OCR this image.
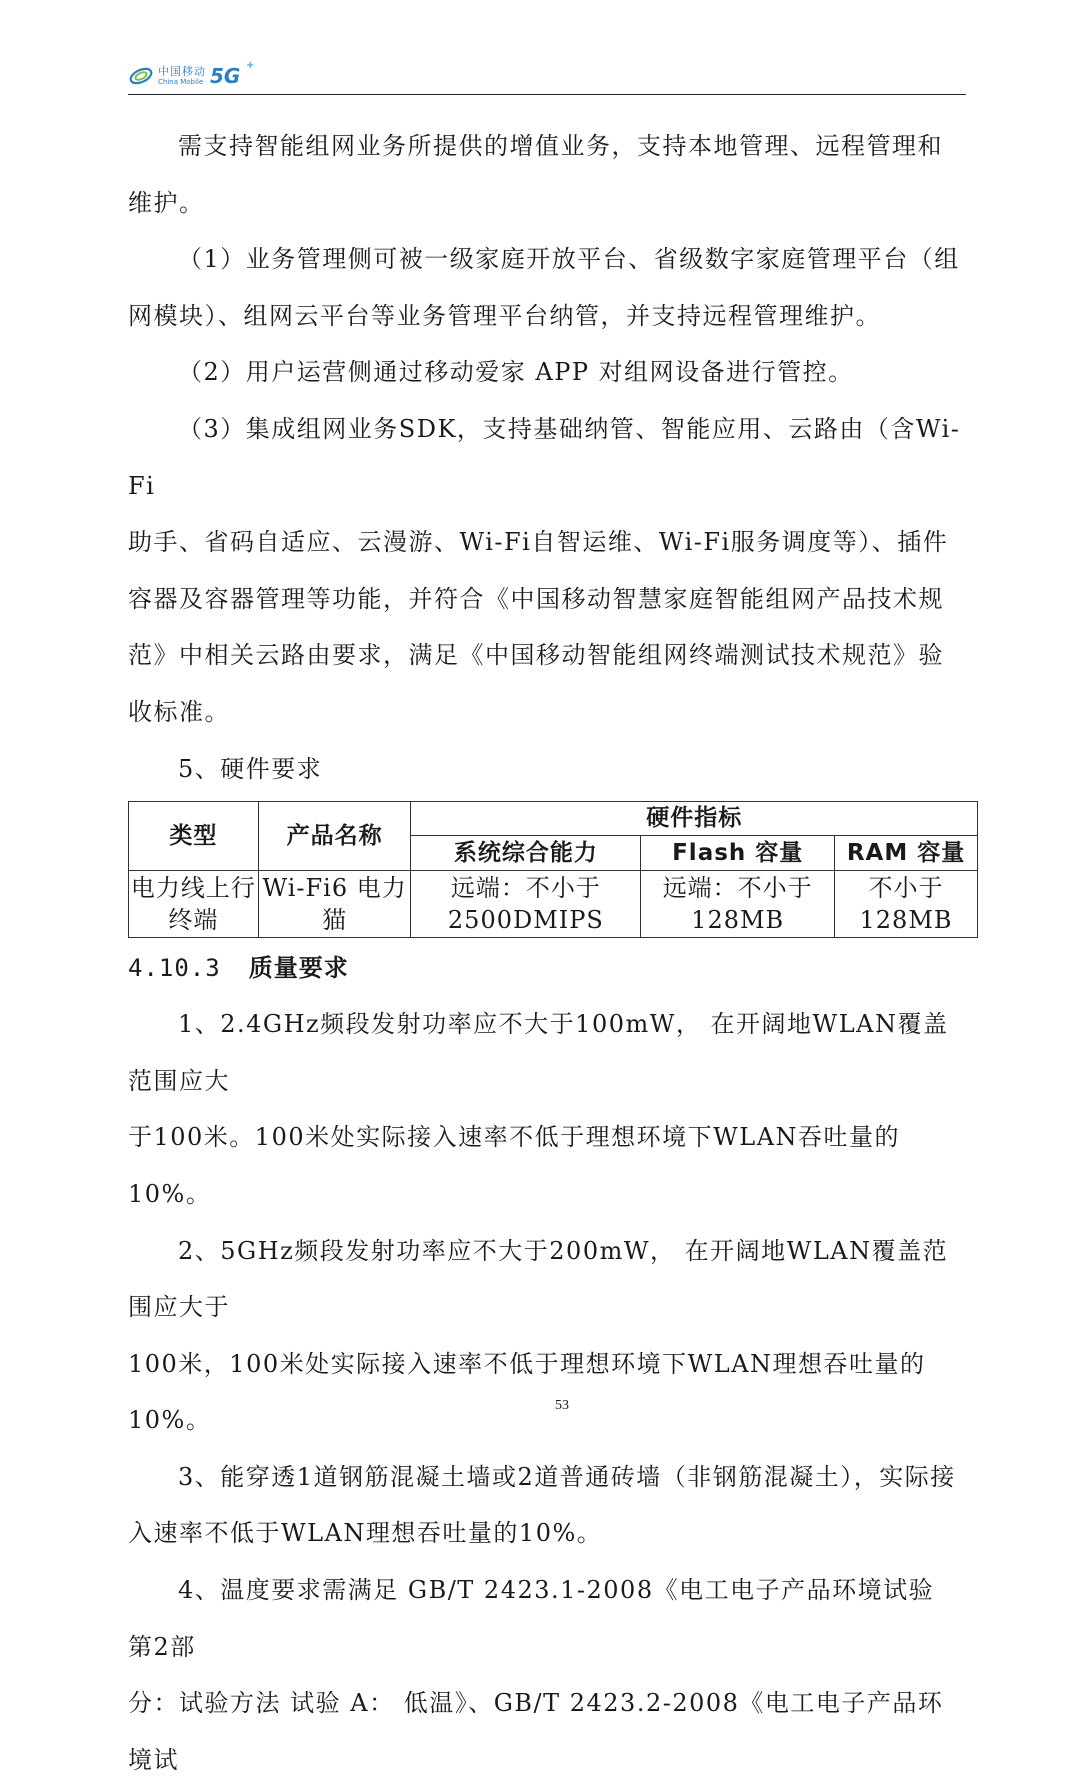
中国移动
China Mobile 5G +

需支持智能组网业务所提供的增值业务，支持本地管理、远程管理和
维护。

（1）业务管理侧可被一级家庭开放平台、省级数字家庭管理平台（组
网模块）、组网云平台等业务管理平台纳管，并支持远程管理维护。

（2）用户运营侧通过移动爱家 APP 对组网设备进行管控。

（3）集成组网业务SDK，支持基础纳管、智能应用、云路由（含Wi-Fi
助手、省码自适应、云漫游、Wi-Fi自智运维、Wi-Fi服务调度等）、插件
容器及容器管理等功能，并符合《中国移动智慧家庭智能组网产品技术规
范》中相关云路由要求，满足《中国移动智能组网终端测试技术规范》验
收标准。

5、硬件要求

类型	产品名称	硬件指标		
		系统综合能力	Flash 容量	RAM 容量
电力线上行终端	Wi-Fi6 电力猫	远端：不小于2500DMIPS	远端：不小于128MB	不小于128MB
4.10.3 质量要求

1、2.4GHz频段发射功率应不大于100mW， 在开阔地WLAN覆盖范围应大
于100米。100米处实际接入速率不低于理想环境下WLAN吞吐量的10%。

2、5GHz频段发射功率应不大于200mW， 在开阔地WLAN覆盖范围应大于
100米，100米处实际接入速率不低于理想环境下WLAN理想吞吐量的10%。

3、能穿透1道钢筋混凝土墙或2道普通砖墙（非钢筋混凝土），实际接
入速率不低于WLAN理想吞吐量的10%。

4、温度要求需满足 GB/T 2423.1-2008《电工电子产品环境试验 第2部
分：试验方法 试验 A： 低温》、GB/T 2423.2-2008《电工电子产品环境试

53
